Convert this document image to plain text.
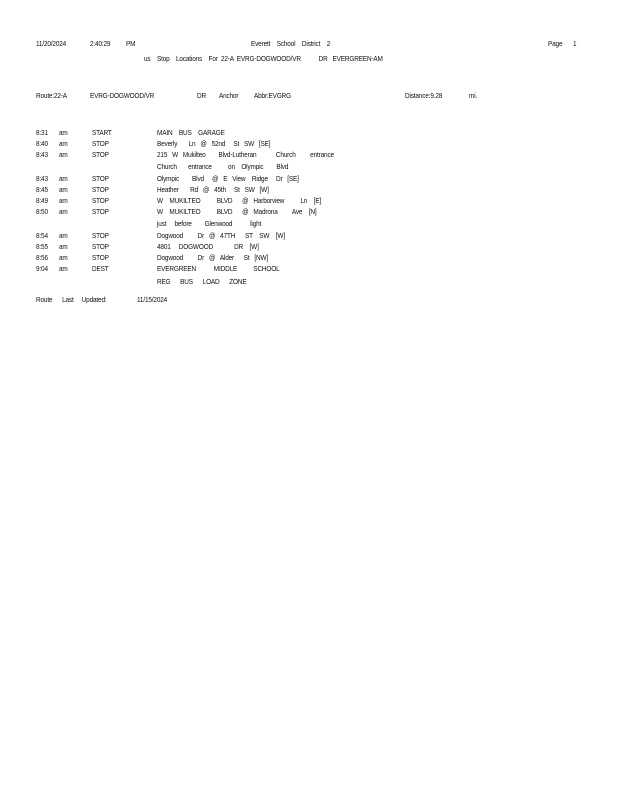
11/20/2024	2:40:29 PM	Everett    School    District    2	Page 1
us    Stop    Locations    For  22-A  EVRG-DOGWOOD/VR           DR   EVERGREEN-AM
Route:22-A	EVRG-DOGWOOD/VR	DR Anchor Abbr:EVGRG	Distance:9.28	mi.
8:31 am	START	MAIN    BUS    GARAGE
8:40 am	STOP	Beverly       Ln   @   52nd     St   SW   [SE]
8:43 am	STOP	215   W   Mukilteo        Blvd-Lutheran            Church         entrance
Church       entrance          on    Olympic        Blvd
8:43 am	STOP	Olympic        Blvd     @   E   View    Ridge     Dr   [SE]
8:45 am	STOP	Heather       Rd   @   45th     St   SW   [W]
8:49 am	STOP	W    MUKILTEO          BLVD      @   Harborview          Ln    [E]
8:50 am	STOP	W    MUKILTEO          BLVD      @   Madrona         Ave    [N]
just     before        Glenwood           light
8:54 am	STOP	Dogwood         Dr   @   47TH      ST    SW    [W]
8:55 am	STOP	4801     DOGWOOD             DR    [W]
8:56 am	STOP	Dogwood         Dr   @   Alder      St   [NW]
9:04 am	DEST	EVERGREEN           MIDDLE          SCHOOL
REG      BUS      LOAD      ZONE
Route      Last     Updated:	11/15/2024
